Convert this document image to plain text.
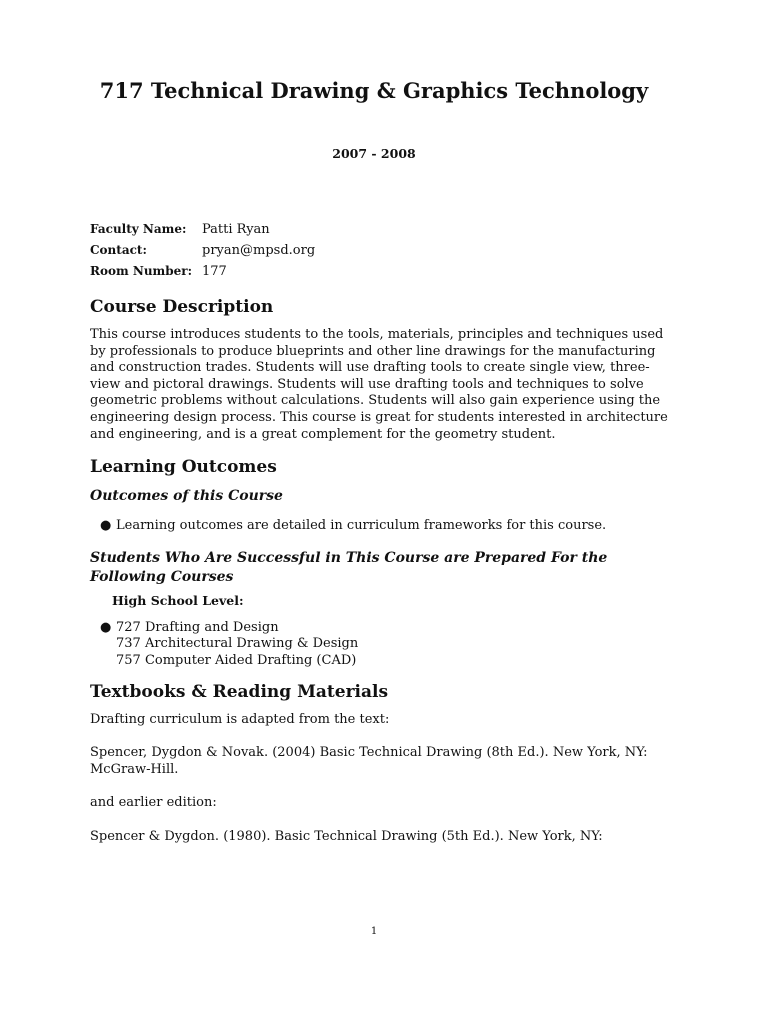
717 Technical Drawing & Graphics Technology
2007 - 2008
Faculty Name:	Patti Ryan
Contact:	pryan@mpsd.org
Room Number: 177
Course Description

This course introduces students to the tools, materials, principles and techniques used by professionals to produce blueprints and other line drawings for the manufacturing and construction trades. Students will use drafting tools to create single view, three-view and pictoral drawings. Students will use drafting tools and techniques to solve geometric problems without calculations. Students will also gain experience using the engineering design process. This course is great for students interested in architecture and engineering, and is a great complement for the geometry student.

Learning Outcomes
Outcomes of this Course
● Learning outcomes are detailed in curriculum frameworks for this course.
Students Who Are Successful in This Course are Prepared For the Following Courses
High School Level:
● 727 Drafting and Design
737 Architectural Drawing & Design
757 Computer Aided Drafting (CAD)
Textbooks & Reading Materials

Drafting curriculum is adapted from the text:

Spencer, Dygdon & Novak. (2004) Basic Technical Drawing (8th Ed.). New York, NY: McGraw-Hill.

and earlier edition:

Spencer & Dygdon. (1980). Basic Technical Drawing (5th Ed.). New York, NY:

1
